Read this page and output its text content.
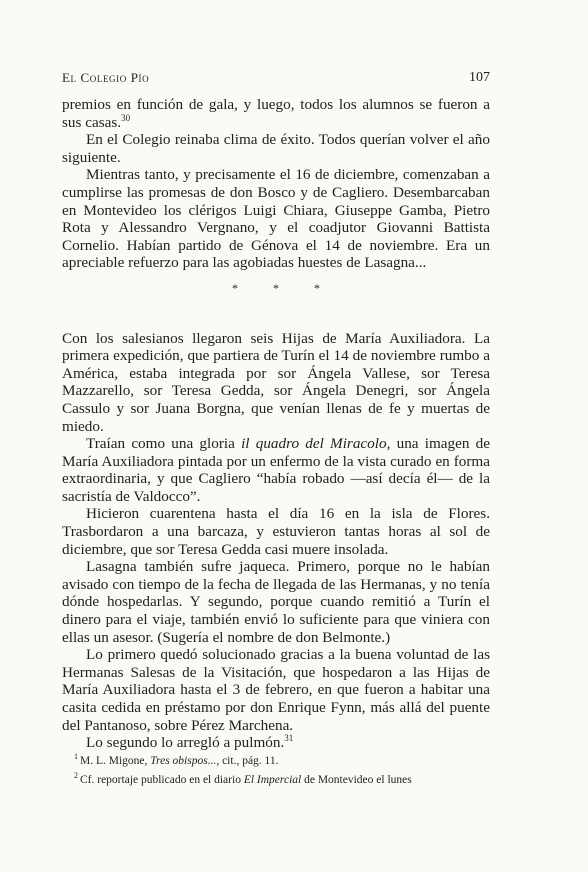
El Colegio Pío	107

premios en función de gala, y luego, todos los alumnos se fueron a sus casas.$^{30}$

En el Colegio reinaba clima de éxito. Todos querían volver el año siguiente.

Mientras tanto, y precisamente el 16 de diciembre, comenzaban a cumplirse las promesas de don Bosco y de Cagliero. Desembarcaban en Montevideo los clérigos Luigi Chiara, Giuseppe Gamba, Pietro Rota y Alessandro Vergnano, y el coadjutor Giovanni Battista Cornelio. Habían partido de Génova el 14 de noviembre. Era un apreciable refuerzo para las agobiadas huestes de Lasagna...

*	*	*

Con los salesianos llegaron seis Hijas de María Auxiliadora. La primera expedición, que partiera de Turín el 14 de noviembre rumbo a América, estaba integrada por sor Ángela Vallese, sor Teresa Mazzarello, sor Teresa Gedda, sor Ángela Denegri, sor Ángela Cassulo y sor Juana Borgna, que venían llenas de fe y muertas de miedo.

Traían como una gloria il quadro del Miracolo, una imagen de María Auxiliadora pintada por un enfermo de la vista curado en forma extraordinaria, y que Cagliero “había robado —así decía él— de la sacristía de Valdocco”.

Hicieron cuarentena hasta el día 16 en la isla de Flores. Trasbordaron a una barcaza, y estuvieron tantas horas al sol de diciembre, que sor Teresa Gedda casi muere insolada.

Lasagna también sufre jaqueca. Primero, porque no le habían avisado con tiempo de la fecha de llegada de las Hermanas, y no tenía dónde hospedarlas. Y segundo, porque cuando remitió a Turín el dinero para el viaje, también envió lo suficiente para que viniera con ellas un asesor. (Sugería el nombre de don Belmonte.)

Lo primero quedó solucionado gracias a la buena voluntad de las Hermanas Salesas de la Visitación, que hospedaron a las Hijas de María Auxiliadora hasta el 3 de febrero, en que fueron a habitar una casita cedida en préstamo por don Enrique Fynn, más allá del puente del Pantanoso, sobre Pérez Marchena.

Lo segundo lo arregló a pulmón.$^{31}$

$^1$ M. L. Migone, Tres obispos..., cit., pág. 11.

$^2$ Cf. reportaje publicado en el diario El Impercial de Montevideo el lunes
